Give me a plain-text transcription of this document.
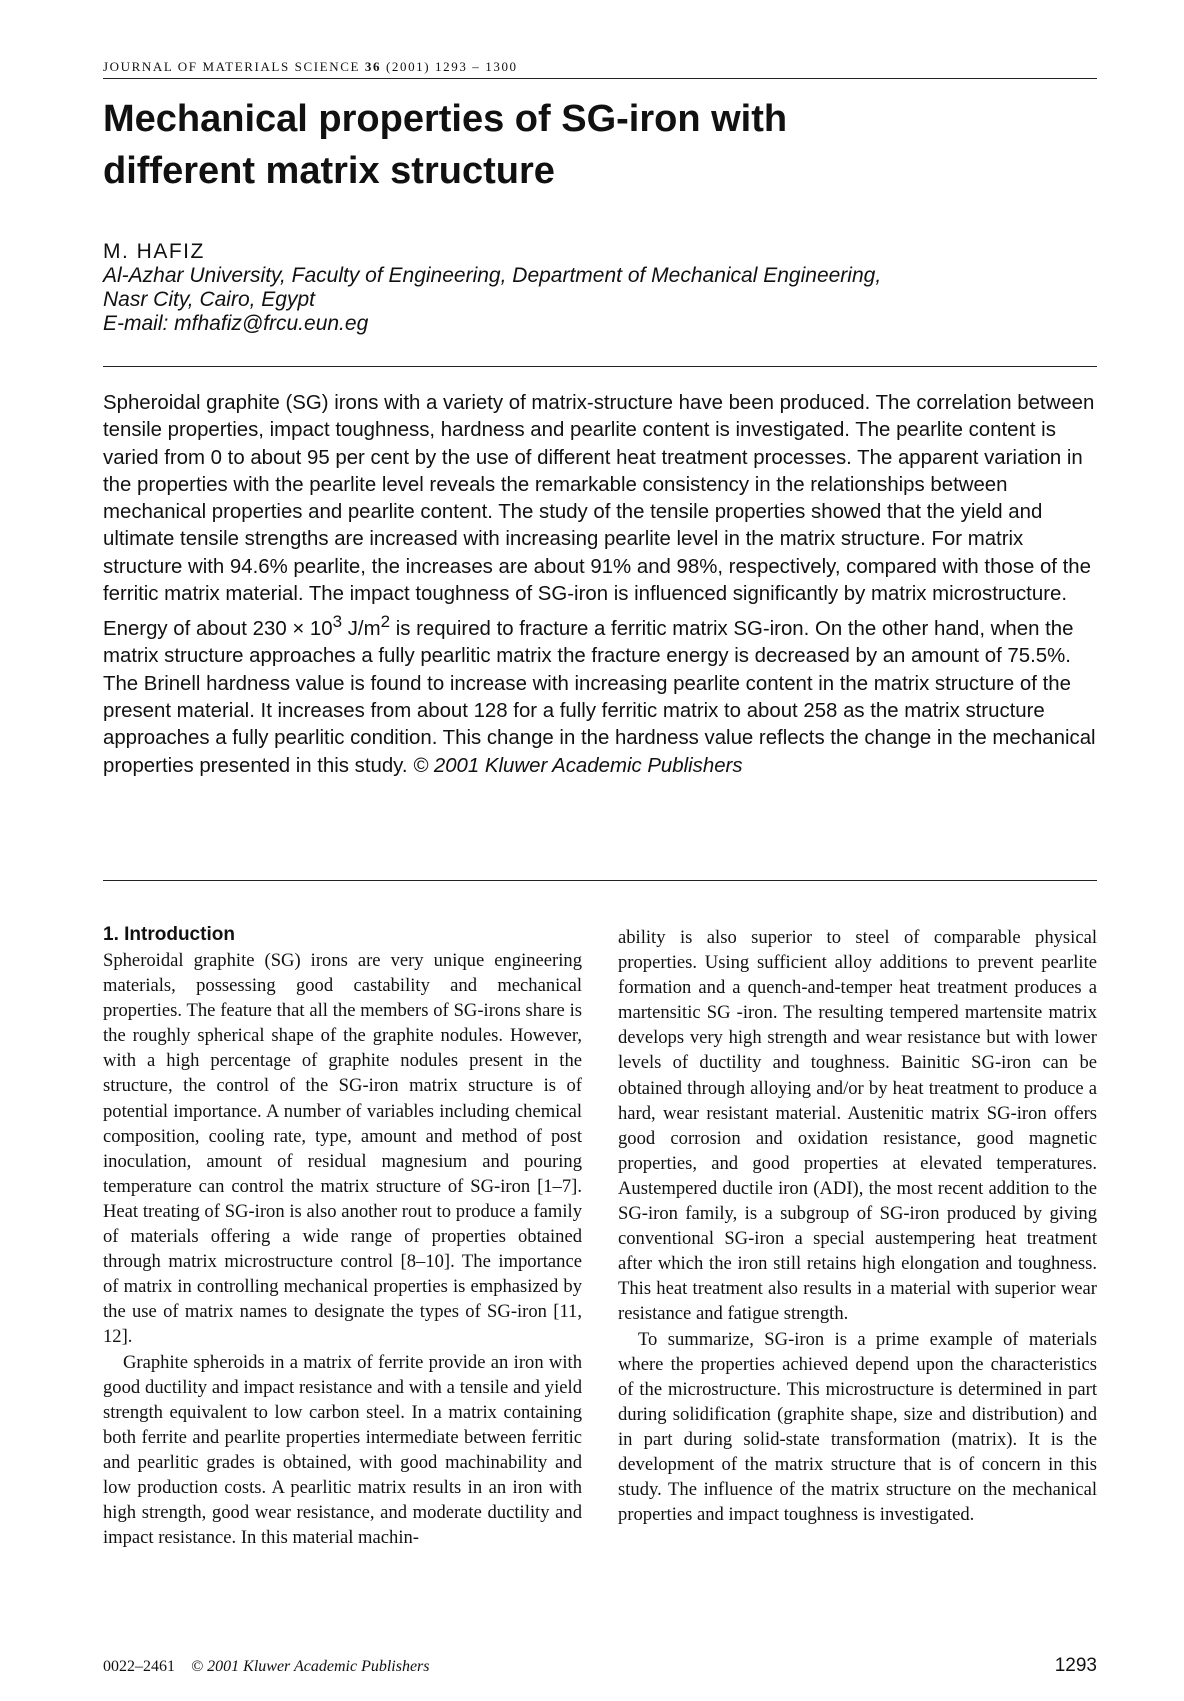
JOURNAL OF MATERIALS SCIENCE 36 (2001) 1293 – 1300
Mechanical properties of SG-iron with
different matrix structure
M. HAFIZ
Al-Azhar University, Faculty of Engineering, Department of Mechanical Engineering,
Nasr City, Cairo, Egypt
E-mail: mfhafiz@frcu.eun.eg

Spheroidal graphite (SG) irons with a variety of matrix-structure have been produced. The correlation between tensile properties, impact toughness, hardness and pearlite content is investigated. The pearlite content is varied from 0 to about 95 per cent by the use of different heat treatment processes. The apparent variation in the properties with the pearlite level reveals the remarkable consistency in the relationships between mechanical properties and pearlite content. The study of the tensile properties showed that the yield and ultimate tensile strengths are increased with increasing pearlite level in the matrix structure. For matrix structure with 94.6% pearlite, the increases are about 91% and 98%, respectively, compared with those of the ferritic matrix material. The impact toughness of SG-iron is influenced significantly by matrix microstructure. Energy of about $230 \times 10^3$ $J/m^2$ is required to fracture a ferritic matrix SG-iron. On the other hand, when the matrix structure approaches a fully pearlitic matrix the fracture energy is decreased by an amount of 75.5%. The Brinell hardness value is found to increase with increasing pearlite content in the matrix structure of the present material. It increases from about 128 for a fully ferritic matrix to about 258 as the matrix structure approaches a fully pearlitic condition. This change in the hardness value reflects the change in the mechanical properties presented in this study. © 2001 Kluwer Academic Publishers

1. Introduction

Spheroidal graphite (SG) irons are very unique engineering materials, possessing good castability and mechanical properties. The feature that all the members of SG-irons share is the roughly spherical shape of the graphite nodules. However, with a high percentage of graphite nodules present in the structure, the control of the SG-iron matrix structure is of potential importance. A number of variables including chemical composition, cooling rate, type, amount and method of post inoculation, amount of residual magnesium and pouring temperature can control the matrix structure of SG-iron [1–7]. Heat treating of SG-iron is also another rout to produce a family of materials offering a wide range of properties obtained through matrix microstructure control [8–10]. The importance of matrix in controlling mechanical properties is emphasized by the use of matrix names to designate the types of SG-iron [11, 12].

Graphite spheroids in a matrix of ferrite provide an iron with good ductility and impact resistance and with a tensile and yield strength equivalent to low carbon steel. In a matrix containing both ferrite and pearlite properties intermediate between ferritic and pearlitic grades is obtained, with good machinability and low production costs. A pearlitic matrix results in an iron with high strength, good wear resistance, and moderate ductility and impact resistance. In this material machin-

ability is also superior to steel of comparable physical properties. Using sufficient alloy additions to prevent pearlite formation and a quench-and-temper heat treatment produces a martensitic SG -iron. The resulting tempered martensite matrix develops very high strength and wear resistance but with lower levels of ductility and toughness. Bainitic SG-iron can be obtained through alloying and/or by heat treatment to produce a hard, wear resistant material. Austenitic matrix SG-iron offers good corrosion and oxidation resistance, good magnetic properties, and good properties at elevated temperatures. Austempered ductile iron (ADI), the most recent addition to the SG-iron family, is a subgroup of SG-iron produced by giving conventional SG-iron a special austempering heat treatment after which the iron still retains high elongation and toughness. This heat treatment also results in a material with superior wear resistance and fatigue strength.

To summarize, SG-iron is a prime example of materials where the properties achieved depend upon the characteristics of the microstructure. This microstructure is determined in part during solidification (graphite shape, size and distribution) and in part during solid-state transformation (matrix). It is the development of the matrix structure that is of concern in this study. The influence of the matrix structure on the mechanical properties and impact toughness is investigated.

0022–2461 © 2001 Kluwer Academic Publishers	1293
